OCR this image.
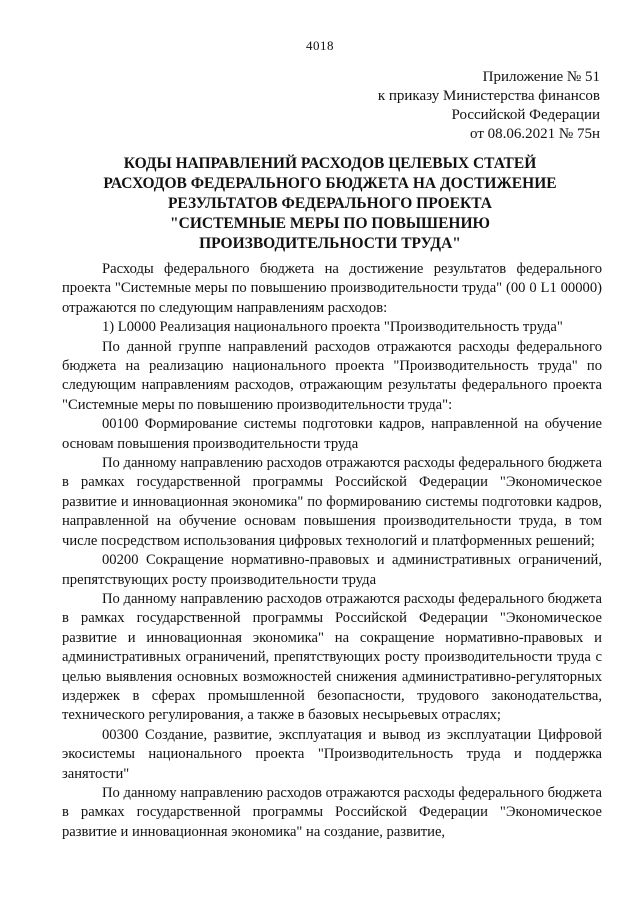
4018
Приложение № 51
к приказу Министерства финансов
Российской Федерации
от 08.06.2021 № 75н
КОДЫ НАПРАВЛЕНИЙ РАСХОДОВ ЦЕЛЕВЫХ СТАТЕЙ
РАСХОДОВ ФЕДЕРАЛЬНОГО БЮДЖЕТА НА ДОСТИЖЕНИЕ
РЕЗУЛЬТАТОВ ФЕДЕРАЛЬНОГО ПРОЕКТА
"СИСТЕМНЫЕ МЕРЫ ПО ПОВЫШЕНИЮ
ПРОИЗВОДИТЕЛЬНОСТИ ТРУДА"

Расходы федерального бюджета на достижение результатов федерального проекта "Системные меры по повышению производительности труда" (00 0 L1 00000) отражаются по следующим направлениям расходов:

1) L0000 Реализация национального проекта "Производительность труда"

По данной группе направлений расходов отражаются расходы федерального бюджета на реализацию национального проекта "Производительность труда" по следующим направлениям расходов, отражающим результаты федерального проекта "Системные меры по повышению производительности труда":

00100 Формирование системы подготовки кадров, направленной на обучение основам повышения производительности труда

По данному направлению расходов отражаются расходы федерального бюджета в рамках государственной программы Российской Федерации "Экономическое развитие и инновационная экономика" по формированию системы подготовки кадров, направленной на обучение основам повышения производительности труда, в том числе посредством использования цифровых технологий и платформенных решений;

00200 Сокращение нормативно-правовых и административных ограничений, препятствующих росту производительности труда

По данному направлению расходов отражаются расходы федерального бюджета в рамках государственной программы Российской Федерации "Экономическое развитие и инновационная экономика" на сокращение нормативно-правовых и административных ограничений, препятствующих росту производительности труда с целью выявления основных возможностей снижения административно-регуляторных издержек в сферах промышленной безопасности, трудового законодательства, технического регулирования, а также в базовых несырьевых отраслях;

00300 Создание, развитие, эксплуатация и вывод из эксплуатации Цифровой экосистемы национального проекта "Производительность труда и поддержка занятости"

По данному направлению расходов отражаются расходы федерального бюджета в рамках государственной программы Российской Федерации "Экономическое развитие и инновационная экономика" на создание, развитие,
